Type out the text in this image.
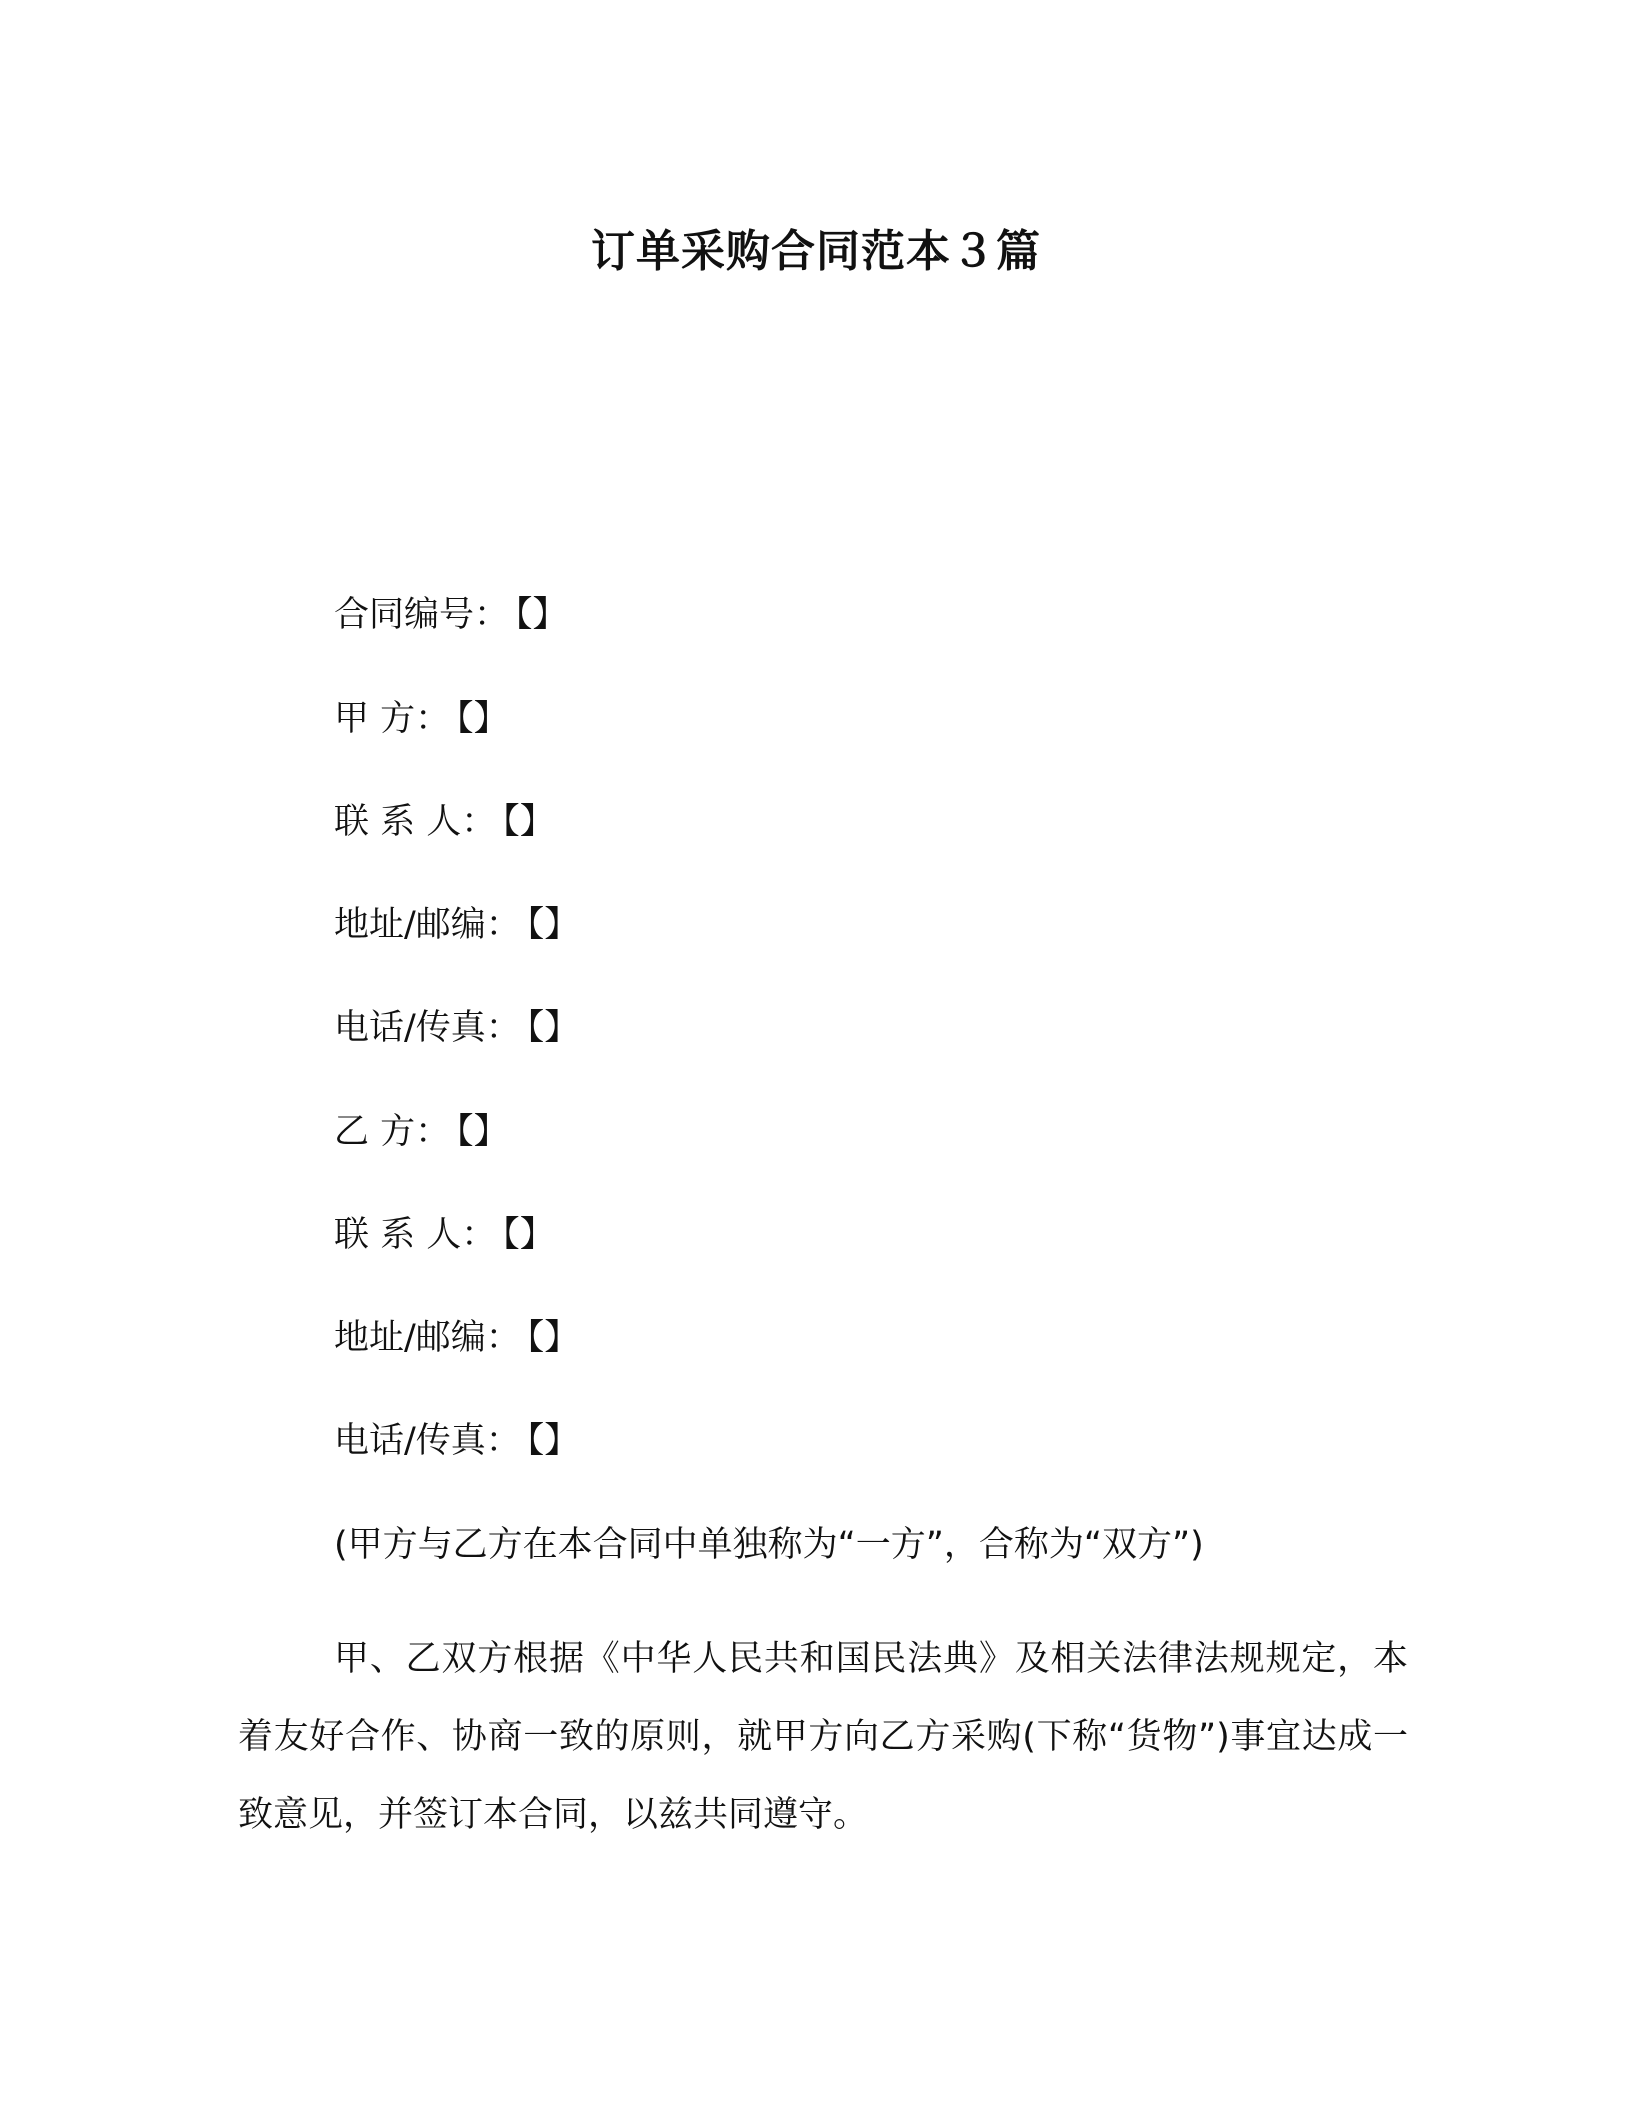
订单采购合同范本３篇
合同编号： 【】
甲 方： 【】
联 系 人： 【】
地址/邮编： 【】
电话/传真： 【】
乙 方： 【】
联 系 人： 【】
地址/邮编： 【】
电话/传真： 【】
(甲方与乙方在本合同中单独称为“一方”，合称为“双方”)
甲、乙双方根据《中华人民共和国民法典》及相关法律法规规定，本着友好合作、协商一致的原则，就甲方向乙方采购(下称“货物”)事宜达成一致意见，并签订本合同，以兹共同遵守。
